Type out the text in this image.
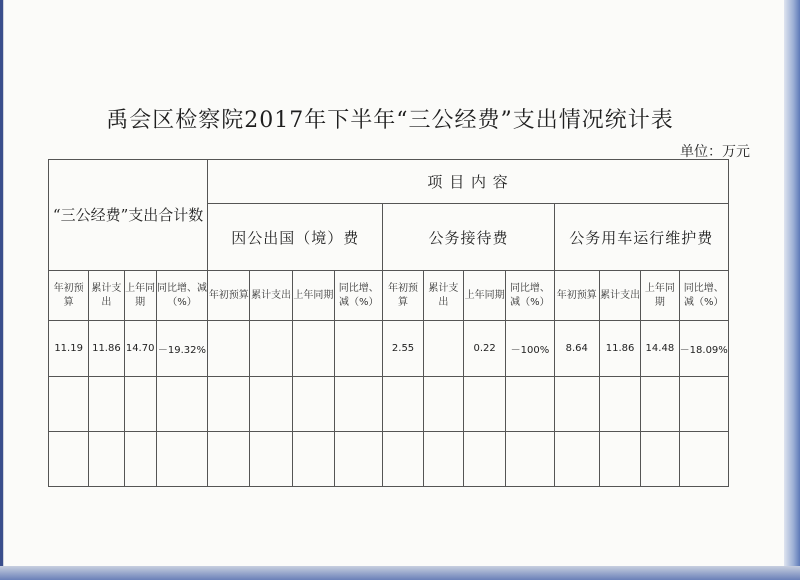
禹会区检察院2017年下半年“三公经费”支出情况统计表
单位：万元
“三公经费”支出合计数				项 目 内 容											
				因公出国（境）费				公务接待费				公务用车运行维护费			
年初预算	累计支出	上年同期	同比增、减（%）	年初预算	累计支出	上年同期	同比增、减（%）	年初预算	累计支出	上年同期	同比增、减（%）	年初预算	累计支出	上年同期	同比增、减（%）
11.19	11.86	14.70	－19.32%					2.55		0.22	－100%	8.64	11.86	14.48	－18.09%
